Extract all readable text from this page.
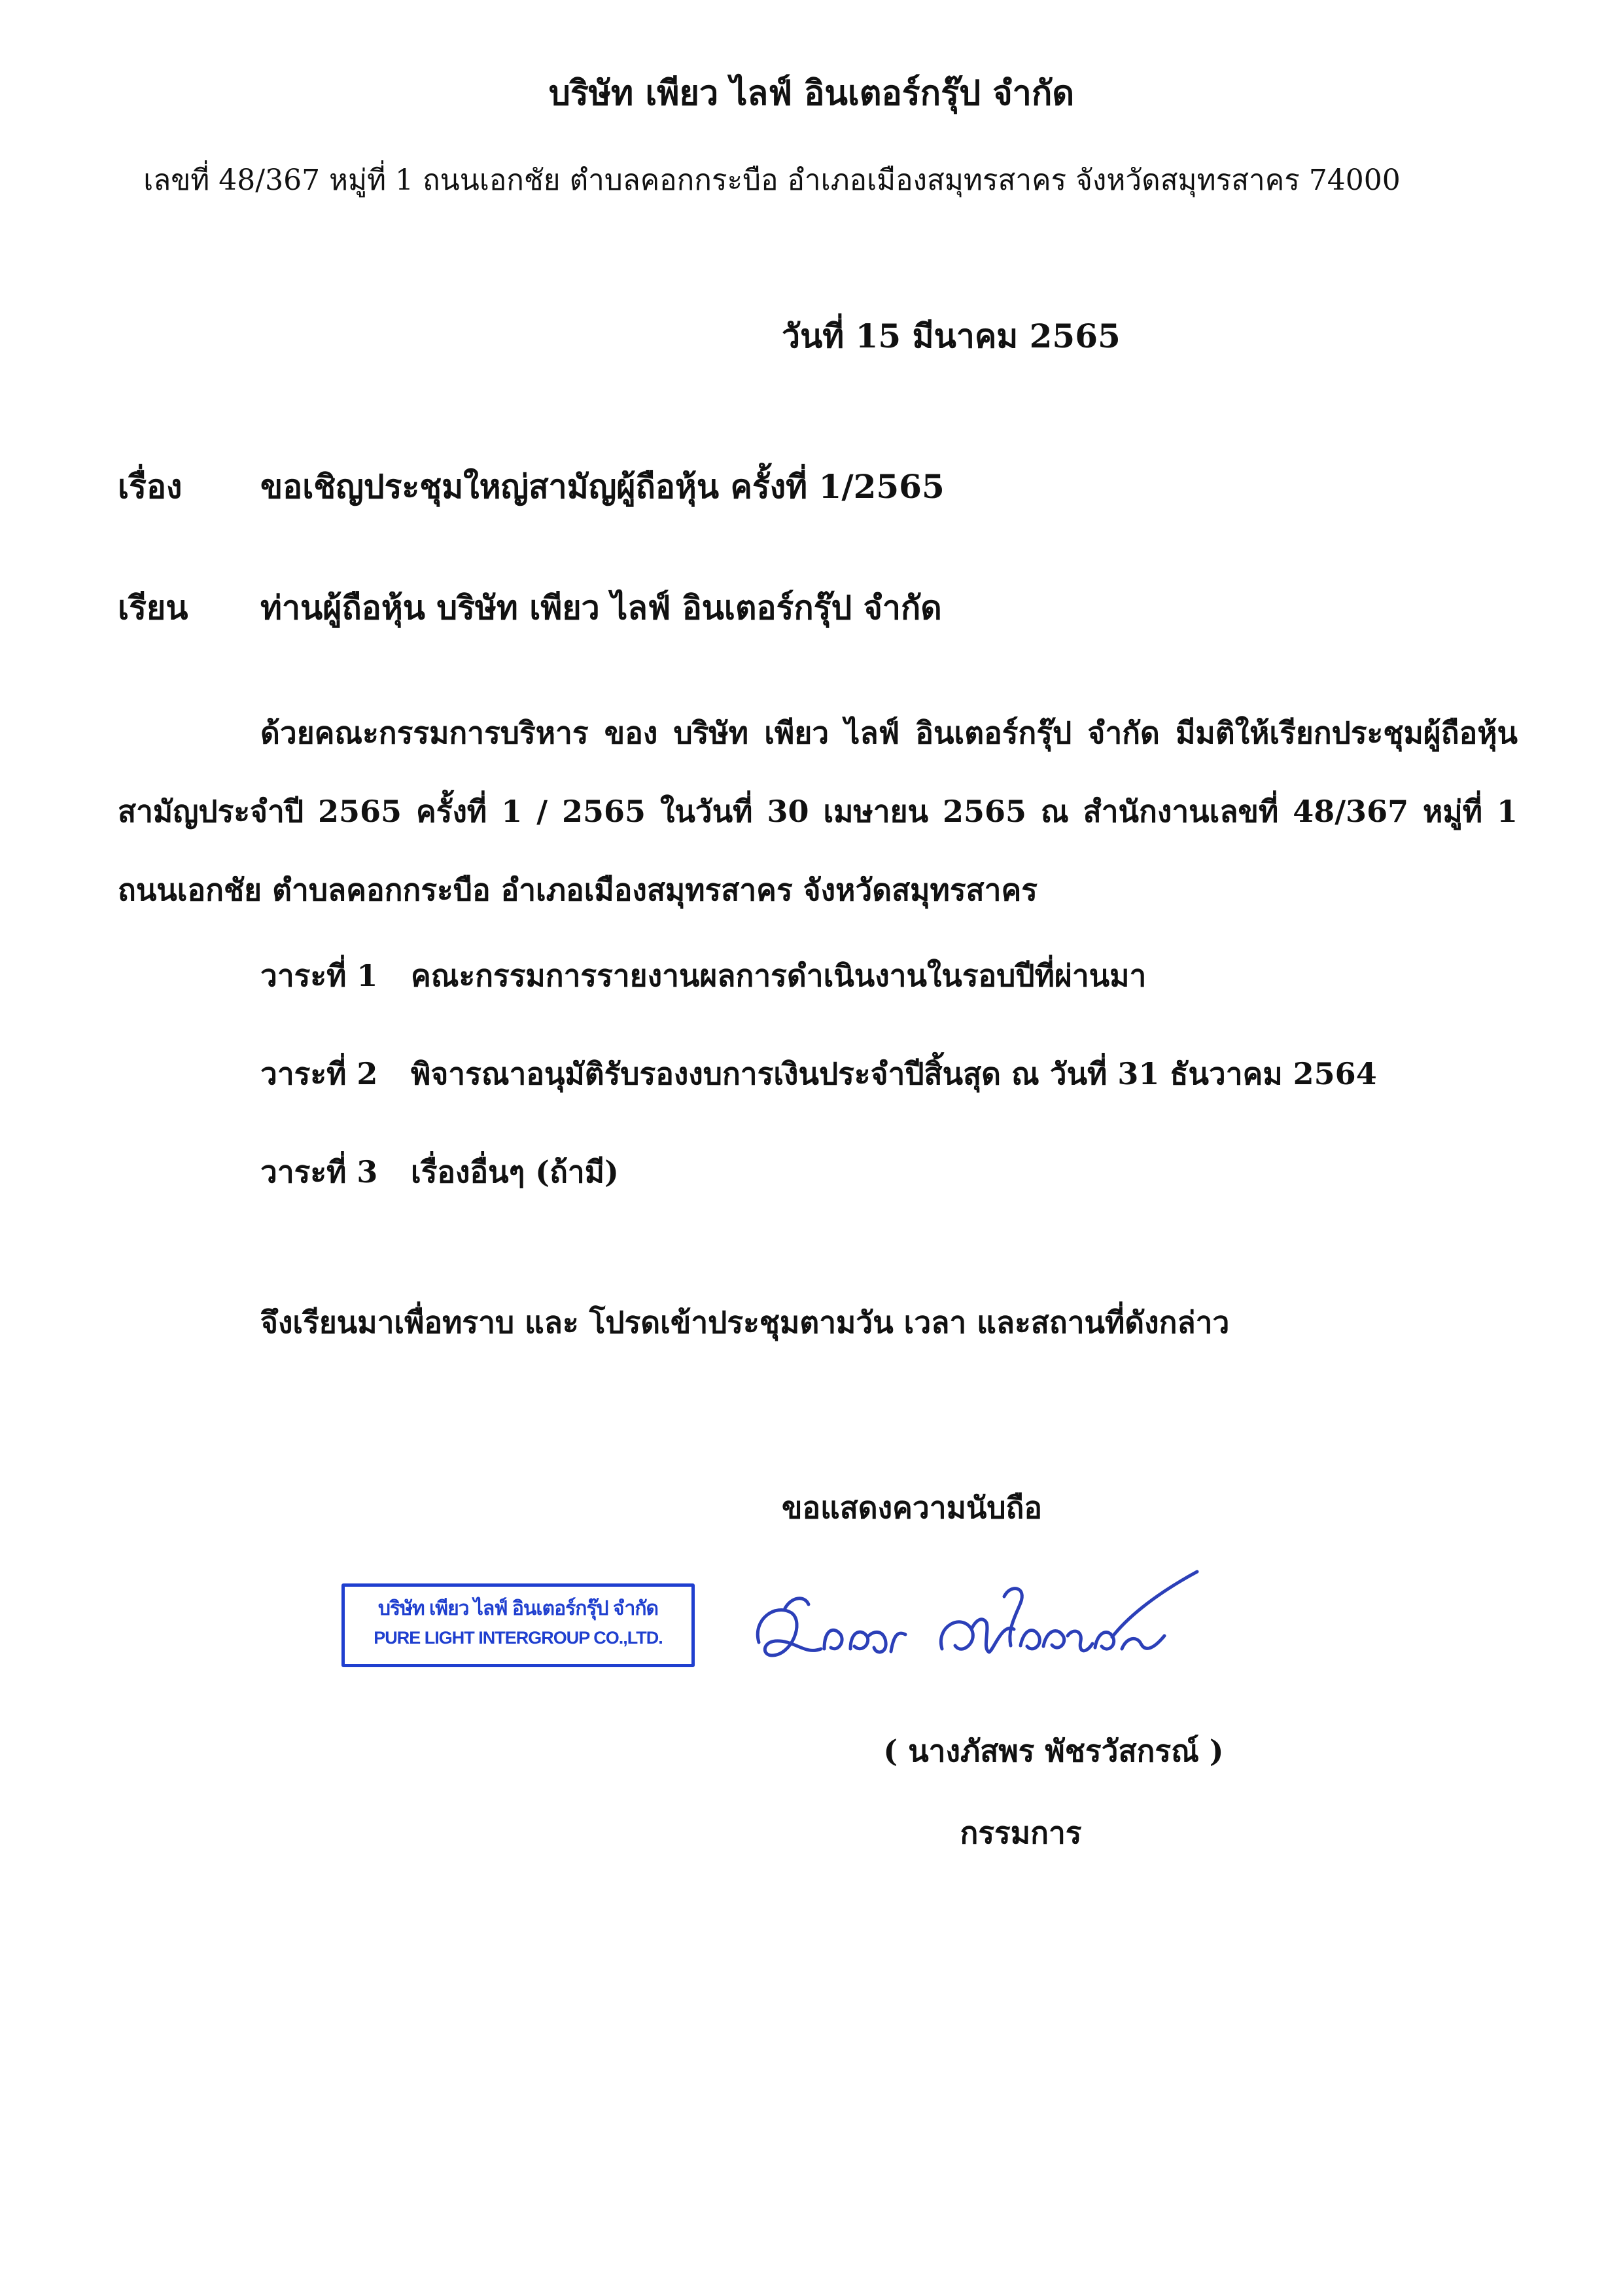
บริษัท เพียว ไลฟ์ อินเตอร์กรุ๊ป จำกัด
เลขที่ 48/367 หมู่ที่ 1 ถนนเอกชัย ตำบลคอกกระบือ อำเภอเมืองสมุทรสาคร จังหวัดสมุทรสาคร 74000
วันที่ 15 มีนาคม 2565
เรื่อง ขอเชิญประชุมใหญ่สามัญผู้ถือหุ้น ครั้งที่ 1/2565
เรียน ท่านผู้ถือหุ้น บริษัท เพียว ไลฟ์ อินเตอร์กรุ๊ป จำกัด

ด้วยคณะกรรมการบริหาร ของ บริษัท เพียว ไลฟ์ อินเตอร์กรุ๊ป จำกัด มีมติให้เรียกประชุมผู้ถือหุ้นสามัญประจำปี 2565 ครั้งที่ 1 / 2565 ในวันที่ 30 เมษายน 2565 ณ สำนักงานเลขที่ 48/367 หมู่ที่ 1 ถนนเอกชัย ตำบลคอกกระบือ อำเภอเมืองสมุทรสาคร จังหวัดสมุทรสาคร

วาระที่ 1 คณะกรรมการรายงานผลการดำเนินงานในรอบปีที่ผ่านมา
วาระที่ 2 พิจารณาอนุมัติรับรองงบการเงินประจำปีสิ้นสุด ณ วันที่ 31 ธันวาคม 2564
วาระที่ 3 เรื่องอื่นๆ (ถ้ามี)
จึงเรียนมาเพื่อทราบ และ โปรดเข้าประชุมตามวัน เวลา และสถานที่ดังกล่าว
ขอแสดงความนับถือ
บริษัท เพียว ไลฟ์ อินเตอร์กรุ๊ป จำกัด
PURE LIGHT INTERGROUP CO.,LTD.
( นางภัสพร พัชรวัสกรณ์ )
กรรมการ
